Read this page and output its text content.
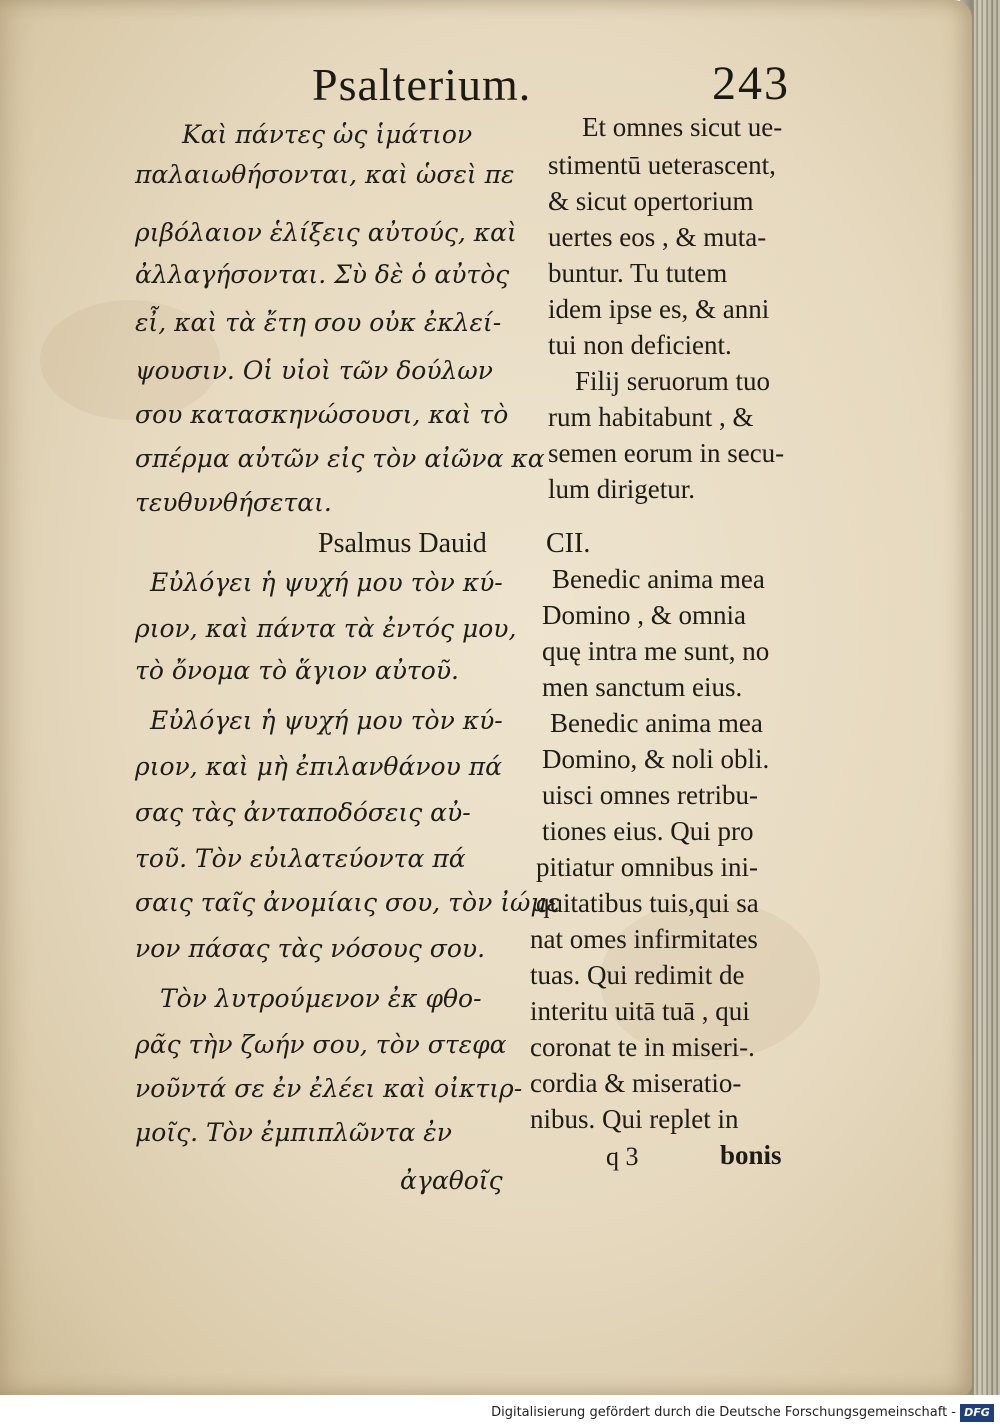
Psalterium.	243
Καὶ πάντες ὡς ἱμάτιον
παλαιωθήσονται, καὶ ὡσεὶ πε
ριβόλαιον ἑλίξεις αὐτούς, καὶ
ἀλλαγήσονται. Σὺ δὲ ὁ αὐτὸς
εἶ, καὶ τὰ ἔτη σου οὐκ ἐκλεί-
ψουσιν. Οἱ υἱοὶ τῶν δούλων
σου κατασκηνώσουσι, καὶ τὸ
σπέρμα αὐτῶν εἰς τὸν αἰῶνα κα
τευθυνθήσεται.
Et omnes sicut ue-
stimentū ueterascent,
& sicut opertorium
uertes eos , & muta-
buntur. Tu tutem
idem ipse es, & anni
tui non deficient.
Filij seruorum tuo
rum habitabunt , &
semen eorum in secu-
lum dirigetur.
Psalmus Dauid CII.
Εὐλόγει ἡ ψυχή μου τὸν κύ-
ριον, καὶ πάντα τὰ ἐντός μου,
τὸ ὄνομα τὸ ἅγιον αὐτοῦ.
Εὐλόγει ἡ ψυχή μου τὸν κύ-
ριον, καὶ μὴ ἐπιλανθάνου πά
σας τὰς ἀνταποδόσεις αὐ-
τοῦ. Τὸν εὐιλατεύοντα πά
σαις ταῖς ἀνομίαις σου, τὸν ἰώμε
νον πάσας τὰς νόσους σου.
Τὸν λυτρούμενον ἐκ φθο-
ρᾶς τὴν ζωήν σου, τὸν στεφα
νοῦντά σε ἐν ἐλέει καὶ οἰκτιρ-
μοῖς. Τὸν ἐμπιπλῶντα ἐν
ἀγαθοῖς
Benedic anima mea
Domino , & omnia
quę intra me sunt, no
men sanctum eius.
Benedic anima mea
Domino, & noli obli.
uisci omnes retribu-
tiones eius. Qui pro
pitiatur omnibus ini-
quitatibus tuis,qui sa
nat omes infirmitates
tuas. Qui redimit de
interitu uitā tuā , qui
coronat te in miseri-.
cordia & miseratio-
nibus. Qui replet in
q 3	bonis
Digitalisierung gefördert durch die Deutsche Forschungsgemeinschaft - DFG
